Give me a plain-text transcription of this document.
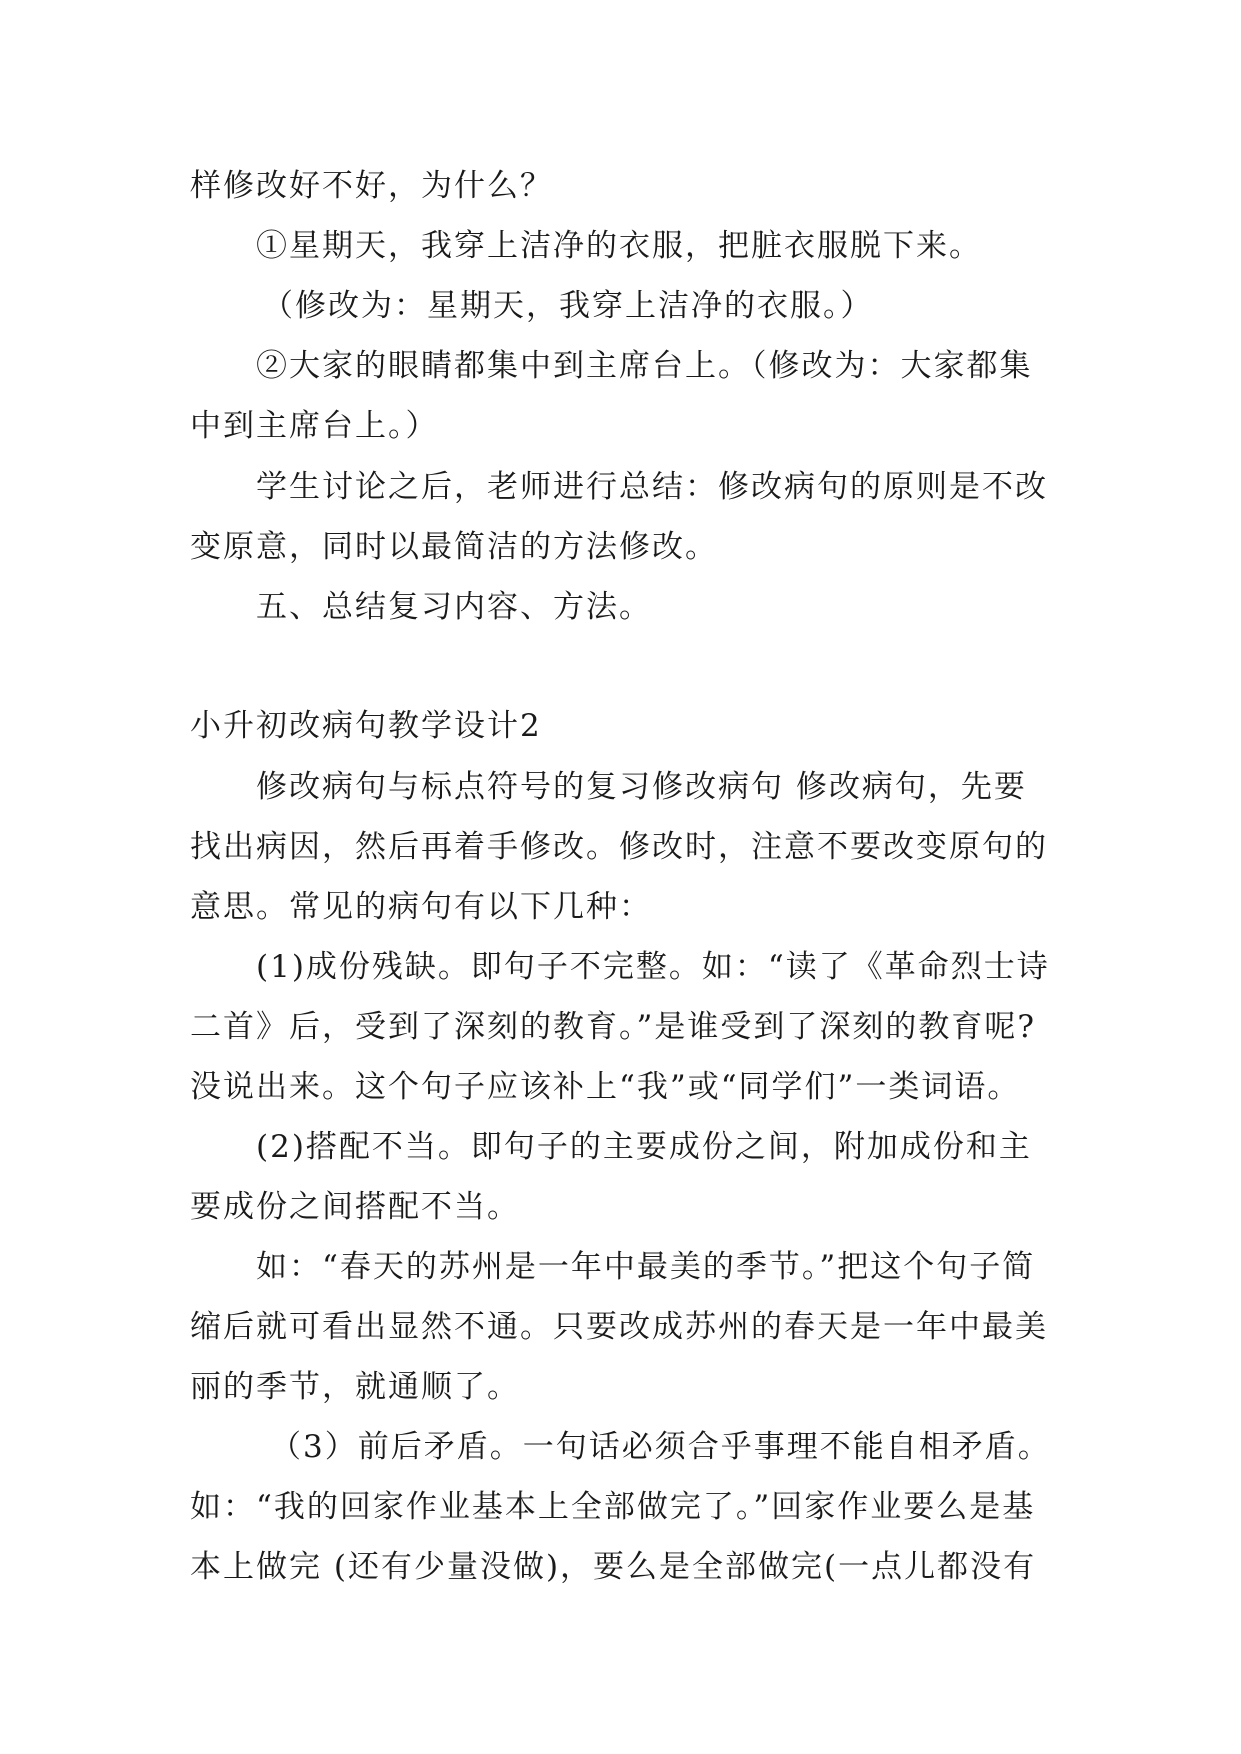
样修改好不好，为什么？
①星期天，我穿上洁净的衣服，把脏衣服脱下来。
（修改为：星期天，我穿上洁净的衣服。）
②大家的眼睛都集中到主席台上。（修改为：大家都集
中到主席台上。）
学生讨论之后，老师进行总结：修改病句的原则是不改
变原意，同时以最简洁的方法修改。
五、总结复习内容、方法。
小升初改病句教学设计2
修改病句与标点符号的复习修改病句 修改病句，先要
找出病因，然后再着手修改。修改时，注意不要改变原句的
意思。常见的病句有以下几种：
(1)成份残缺。即句子不完整。如：“读了《革命烈士诗
二首》后，受到了深刻的教育。”是谁受到了深刻的教育呢?
没说出来。这个句子应该补上“我”或“同学们”一类词语。
(2)搭配不当。即句子的主要成份之间，附加成份和主
要成份之间搭配不当。
如：“春天的苏州是一年中最美的季节。”把这个句子简
缩后就可看出显然不通。只要改成苏州的春天是一年中最美
丽的季节，就通顺了。
（3）前后矛盾。一句话必须合乎事理不能自相矛盾。
如：“我的回家作业基本上全部做完了。”回家作业要么是基
本上做完 (还有少量没做)，要么是全部做完(一点儿都没有
